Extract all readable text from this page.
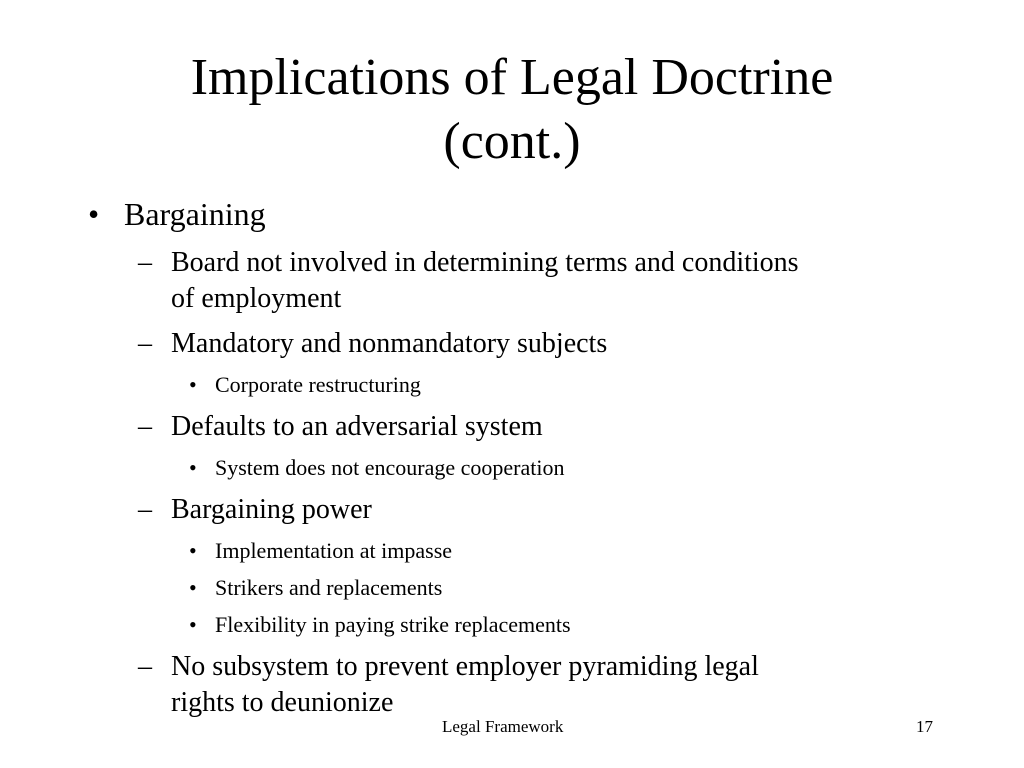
Implications of Legal Doctrine
(cont.)
• Bargaining
– Board not involved in determining terms and conditions
of employment
– Mandatory and nonmandatory subjects
• Corporate restructuring
– Defaults to an adversarial system
• System does not encourage cooperation
– Bargaining power
• Implementation at impasse
• Strikers and replacements
• Flexibility in paying strike replacements
– No subsystem to prevent employer pyramiding legal
rights to deunionize
Legal Framework	17
